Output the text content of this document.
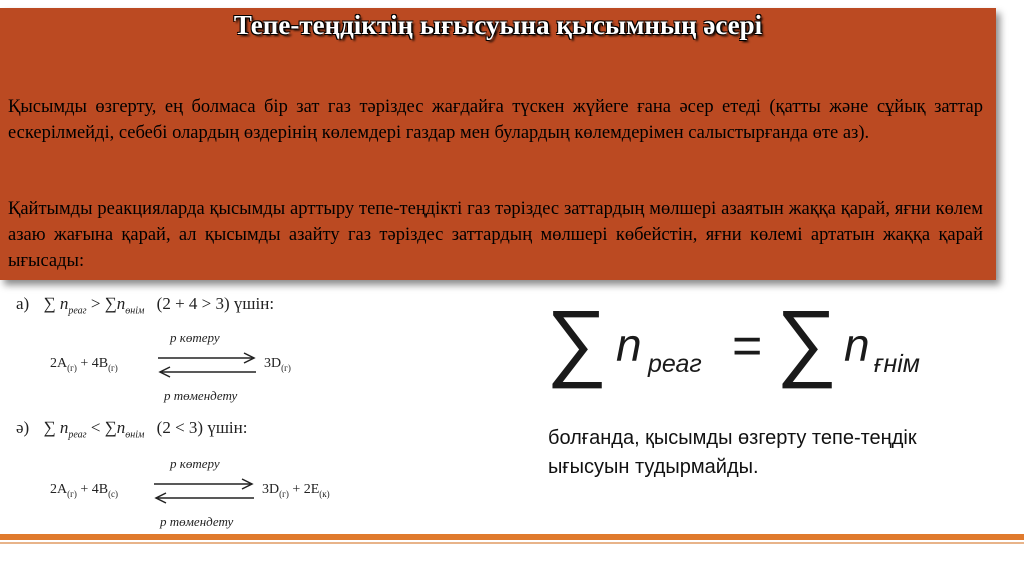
Тепе-теңдіктің ығысуына қысымның әсері

Қысымды өзгерту, ең болмаса бір зат газ тәріздес жағдайға түскен жүйеге ғана әсер етеді (қатты және сұйық заттар ескерілмейді, себебі олардың өздерінің көлемдері газдар мен булардың көлемдерімен салыстырғанда өте аз).

Қайтымды реакцияларда қысымды арттыру тепе-теңдікті газ тәріздес заттардың мөлшері азаятын жаққа қарай, яғни көлем азаю жағына қарай, ал қысымды азайту газ тәріздес заттардың мөлшері көбейстін, яғни көлемі артатын жаққа қарай ығысады:

а) ∑ $n_{реаг} > \sum n_{өнім}$ (2 + 4 > 3) үшін:
p көтеру
$2A_{(г)} + 4B_{(г)}$	$3D_{(г)}$
p төмендету
ә) ∑ $n_{реаг} < \sum n_{өнім}$ (2 < 3) үшін:
p көтеру
$2A_{(г)} + 4B_{(с)}$	$3D_{(г)} + 2E_{(к)}$
p төмендету
∑ n реаг = ∑ n ғнім

болғанда, қысымды өзгерту тепе-теңдік ығысуын тудырмайды.
